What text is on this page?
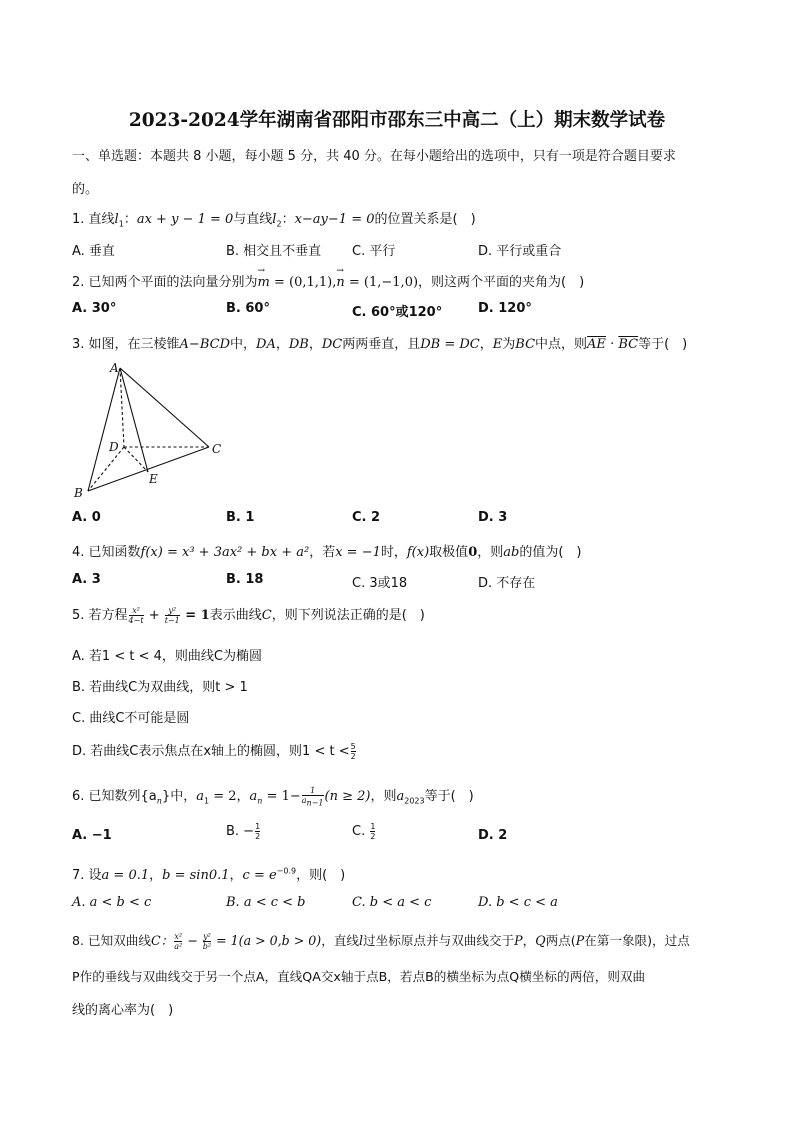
2023-2024学年湖南省邵阳市邵东三中高二（上）期末数学试卷
一、单选题：本题共 8 小题，每小题 5 分，共 40 分。在每小题给出的选项中，只有一项是符合题目要求
的。
1. 直线$l_1$：ax + y − 1 = 0与直线$l_2$：x−ay−1 = 0的位置关系是(　)
A. 垂直	B. 相交且不垂直 C. 平行	D. 平行或重合
2. 已知两个平面的法向量分别为→ m = (0,1,1),→ n = (1,−1,0)，则这两个平面的夹角为(　)
A. 30°	B. 60°	C. 60°或120°	D. 120°
3. 如图，在三棱锥A−BCD中，DA，DB，DC两两垂直，且DB = DC，E为BC中点，则$\overline{AE} \cdot \overline{BC}$等于(　)
A
B
C
D
E
A. 0	B. 1	C. 2	D. 3
4. 已知函数f(x) = x³ + 3ax² + bx + a²，若x = −1时，f(x)取极值0，则ab的值为(　)
A. 3	B. 18	C. 3或18	D. 不存在
5. 若方程 $\frac{\text{x²}}{4-t} + \frac{\text{y²}}{t-1} = 1$表示曲线C，则下列说法正确的是(　)
A. 若1 < t < 4，则曲线C为椭圆
B. 若曲线C为双曲线，则t > 1
C. 曲线C不可能是圆
D. 若曲线C表示焦点在x轴上的椭圆，则$1 < t < \frac{5}{2}$
6. 已知数列$\{a_n\}$中，$a_1 = 2$，$a_n = 1- \frac{1}{a_{n-1}} (n \ge 2)$，则$a_{2023}$等于(　)
A. −1	B. − $\frac{1}{2}$	C. $\frac{1}{2}$	D. 2
7. 设a = 0.1，b = sin0.1，$c = e^{-0.9}$，则(　)
A. a < b < c	B. a < c < b	C. b < a < c	D. b < c < a
8. 已知双曲线C： $\frac{\text{x²}}{\text{a²}} - \frac{\text{y²}}{\text{b²}} = 1(a > 0,b > 0)$，直线l过坐标原点并与双曲线交于P，Q两点(P在第一象限)，过点
P作的垂线与双曲线交于另一个点A，直线QA交x轴于点B，若点B的横坐标为点Q横坐标的两倍，则双曲
线的离心率为(　)
